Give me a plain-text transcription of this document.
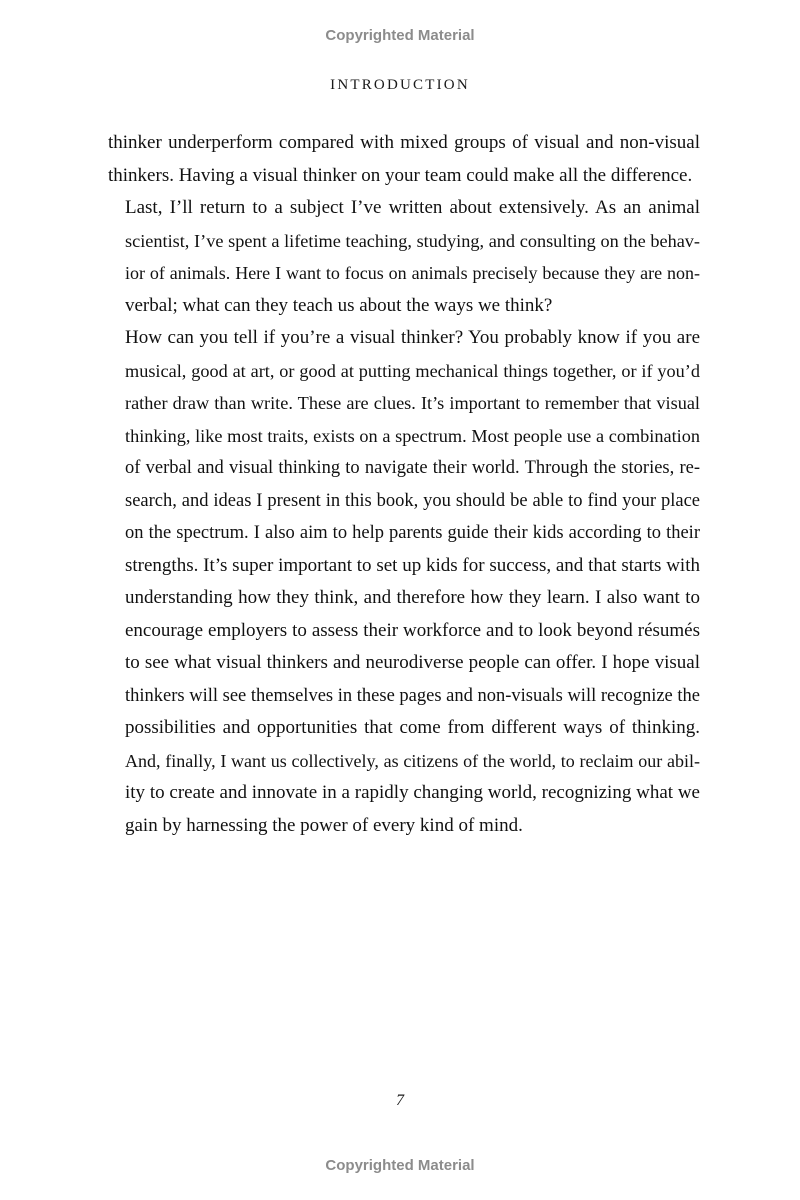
Copyrighted Material
INTRODUCTION

thinker underperform compared with mixed groups of visual and non-visual
thinkers. Having a visual thinker on your team could make all the difference.

Last, I’ll return to a subject I’ve written about extensively. As an animal
scientist, I’ve spent a lifetime teaching, studying, and consulting on the behav-
ior of animals. Here I want to focus on animals precisely because they are non-
verbal; what can they teach us about the ways we think?

How can you tell if you’re a visual thinker? You probably know if you are
musical, good at art, or good at putting mechanical things together, or if you’d
rather draw than write. These are clues. It’s important to remember that visual
thinking, like most traits, exists on a spectrum. Most people use a combination
of verbal and visual thinking to navigate their world. Through the stories, re-
search, and ideas I present in this book, you should be able to find your place
on the spectrum. I also aim to help parents guide their kids according to their
strengths. It’s super important to set up kids for success, and that starts with
understanding how they think, and therefore how they learn. I also want to
encourage employers to assess their workforce and to look beyond résumés
to see what visual thinkers and neurodiverse people can offer. I hope visual
thinkers will see themselves in these pages and non-visuals will recognize the
possibilities and opportunities that come from different ways of thinking.
And, finally, I want us collectively, as citizens of the world, to reclaim our abil-
ity to create and innovate in a rapidly changing world, recognizing what we
gain by harnessing the power of every kind of mind.

7
Copyrighted Material
